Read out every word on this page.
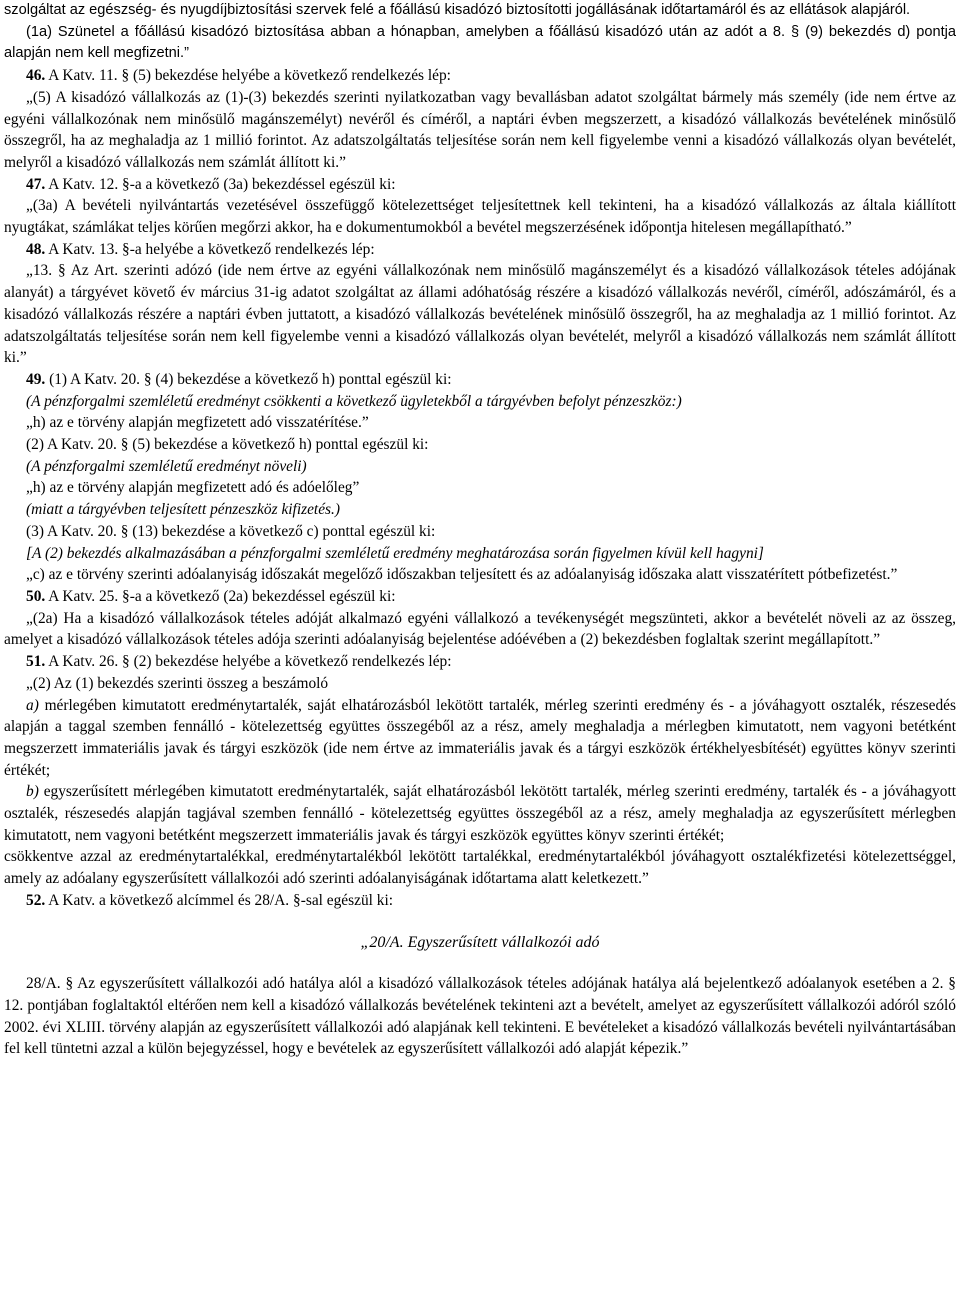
szolgáltat az egészség- és nyugdíjbiztosítási szervek felé a főállású kisadózó biztosítotti jogállásának időtartamáról és az ellátások alapjáról.

(1a) Szünetel a főállású kisadózó biztosítása abban a hónapban, amelyben a főállású kisadózó után az adót a 8. § (9) bekezdés d) pontja alapján nem kell megfizetni.”

46. A Katv. 11. § (5) bekezdése helyébe a következő rendelkezés lép:

„(5) A kisadózó vállalkozás az (1)-(3) bekezdés szerinti nyilatkozatban vagy bevallásban adatot szolgáltat bármely más személy (ide nem értve az egyéni vállalkozónak nem minősülő magánszemélyt) nevéről és címéről, a naptári évben megszerzett, a kisadózó vállalkozás bevételének minősülő összegről, ha az meghaladja az 1 millió forintot. Az adatszolgáltatás teljesítése során nem kell figyelembe venni a kisadózó vállalkozás olyan bevételét, melyről a kisadózó vállalkozás nem számlát állított ki.”

47. A Katv. 12. §-a a következő (3a) bekezdéssel egészül ki:

„(3a) A bevételi nyilvántartás vezetésével összefüggő kötelezettséget teljesítettnek kell tekinteni, ha a kisadózó vállalkozás az általa kiállított nyugtákat, számlákat teljes körűen megőrzi akkor, ha e dokumentumokból a bevétel megszerzésének időpontja hitelesen megállapítható.”

48. A Katv. 13. §-a helyébe a következő rendelkezés lép:

„13. § Az Art. szerinti adózó (ide nem értve az egyéni vállalkozónak nem minősülő magánszemélyt és a kisadózó vállalkozások tételes adójának alanyát) a tárgyévet követő év március 31-ig adatot szolgáltat az állami adóhatóság részére a kisadózó vállalkozás nevéről, címéről, adószámáról, és a kisadózó vállalkozás részére a naptári évben juttatott, a kisadózó vállalkozás bevételének minősülő összegről, ha az meghaladja az 1 millió forintot. Az adatszolgáltatás teljesítése során nem kell figyelembe venni a kisadózó vállalkozás olyan bevételét, melyről a kisadózó vállalkozás nem számlát állított ki.”

49. (1) A Katv. 20. § (4) bekezdése a következő h) ponttal egészül ki:

(A pénzforgalmi szemléletű eredményt csökkenti a következő ügyletekből a tárgyévben befolyt pénzeszköz:)

„h) az e törvény alapján megfizetett adó visszatérítése.”

(2) A Katv. 20. § (5) bekezdése a következő h) ponttal egészül ki:

(A pénzforgalmi szemléletű eredményt növeli)

„h) az e törvény alapján megfizetett adó és adóelőleg”

(miatt a tárgyévben teljesített pénzeszköz kifizetés.)

(3) A Katv. 20. § (13) bekezdése a következő c) ponttal egészül ki:

[A (2) bekezdés alkalmazásában a pénzforgalmi szemléletű eredmény meghatározása során figyelmen kívül kell hagyni]

„c) az e törvény szerinti adóalanyiság időszakát megelőző időszakban teljesített és az adóalanyiság időszaka alatt visszatérített pótbefizetést.”

50. A Katv. 25. §-a a következő (2a) bekezdéssel egészül ki:

„(2a) Ha a kisadózó vállalkozások tételes adóját alkalmazó egyéni vállalkozó a tevékenységét megszünteti, akkor a bevételét növeli az az összeg, amelyet a kisadózó vállalkozások tételes adója szerinti adóalanyiság bejelentése adóévében a (2) bekezdésben foglaltak szerint megállapított.”

51. A Katv. 26. § (2) bekezdése helyébe a következő rendelkezés lép:

„(2) Az (1) bekezdés szerinti összeg a beszámoló

a) mérlegében kimutatott eredménytartalék, saját elhatározásból lekötött tartalék, mérleg szerinti eredmény és - a jóváhagyott osztalék, részesedés alapján a taggal szemben fennálló - kötelezettség együttes összegéből az a rész, amely meghaladja a mérlegben kimutatott, nem vagyoni betétként megszerzett immateriális javak és tárgyi eszközök (ide nem értve az immateriális javak és a tárgyi eszközök értékhelyesbítését) együttes könyv szerinti értékét;

b) egyszerűsített mérlegében kimutatott eredménytartalék, saját elhatározásból lekötött tartalék, mérleg szerinti eredmény, tartalék és - a jóváhagyott osztalék, részesedés alapján tagjával szemben fennálló - kötelezettség együttes összegéből az a rész, amely meghaladja az egyszerűsített mérlegben kimutatott, nem vagyoni betétként megszerzett immateriális javak és tárgyi eszközök együttes könyv szerinti értékét;

csökkentve azzal az eredménytartalékkal, eredménytartalékból lekötött tartalékkal, eredménytartalékból jóváhagyott osztalékfizetési kötelezettséggel, amely az adóalany egyszerűsített vállalkozói adó szerinti adóalanyiságának időtartama alatt keletkezett.”

52. A Katv. a következő alcímmel és 28/A. §-sal egészül ki:

„20/A. Egyszerűsített vállalkozói adó

28/A. § Az egyszerűsített vállalkozói adó hatálya alól a kisadózó vállalkozások tételes adójának hatálya alá bejelentkező adóalanyok esetében a 2. § 12. pontjában foglaltaktól eltérően nem kell a kisadózó vállalkozás bevételének tekinteni azt a bevételt, amelyet az egyszerűsített vállalkozói adóról szóló 2002. évi XLIII. törvény alapján az egyszerűsített vállalkozói adó alapjának kell tekinteni. E bevételeket a kisadózó vállalkozás bevételi nyilvántartásában fel kell tüntetni azzal a külön bejegyzéssel, hogy e bevételek az egyszerűsített vállalkozói adó alapját képezik.”
